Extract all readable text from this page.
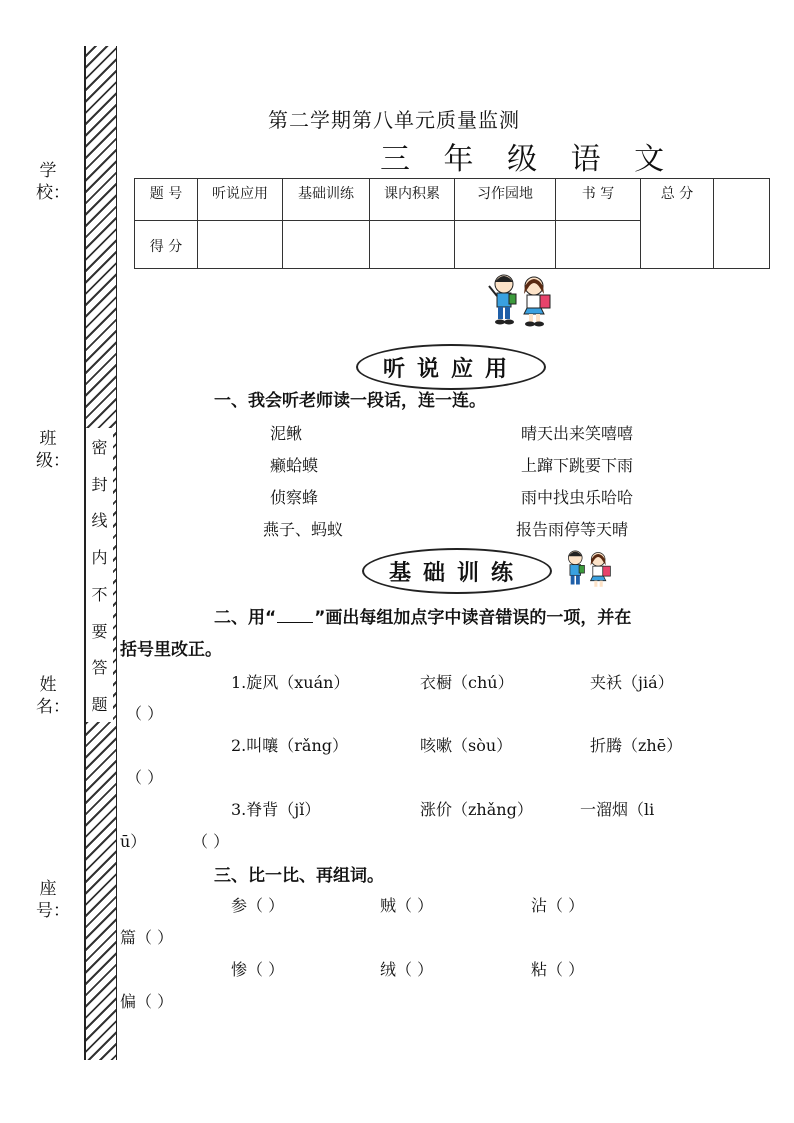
密
封
线
内
不
要
答
题
学校：
班级：
姓名：
座号：
第二学期第八单元质量监测
三 年 级 语 文
题 号	听说应用	基础训练	课内积累	习作园地	书 写	总 分	
得 分							
听说应用
一、我会听老师读一段话，连一连。
泥鳅
癞蛤蟆
侦察蜂
燕子、蚂蚁
晴天出来笑嘻嘻
上蹿下跳要下雨
雨中找虫乐哈哈
报告雨停等天晴
基础训练
二、用“ ”画出每组加点字中读音错误的一项，并在
括号里改正。
1.旋风（xuán）	衣橱（chú）	夹袄（jiá）
（ ）
2.叫嚷（rǎng）	咳嗽（sòu）	折腾（zhē）
（ ）
3.脊背（jǐ）	涨价（zhǎng）	一溜烟（li
ū）	（ ）
三、比一比、再组词。
参（ ）	贼（ ）	沾（ ）
篇（ ）
惨（ ）	绒（ ）	粘（ ）
偏（ ）
